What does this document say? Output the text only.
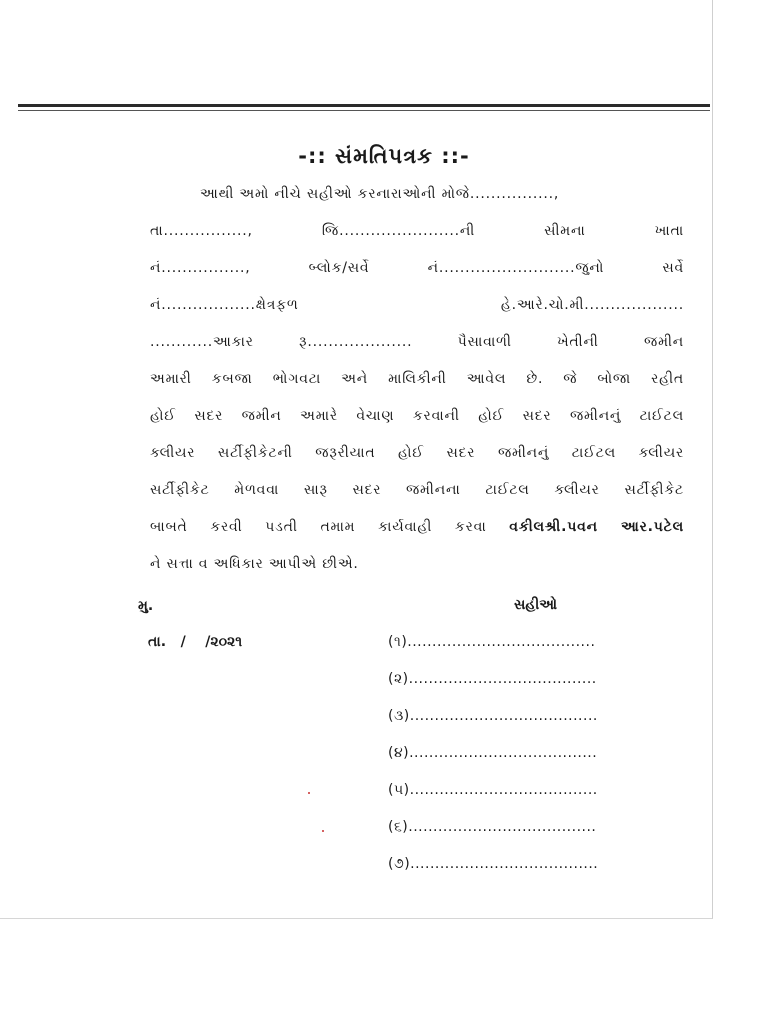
-:: સંમતિપત્રક ::-
આથી અમો નીચે સહીઓ કરનારાઓની મોજે................,
તા................, જિ.......................ની સીમના ખાતા
નં................, બ્લોક/સર્વે નં..........................જુનો સર્વે
નં..................ક્ષેત્રફળ હે.આરે.ચો.મી...................
............આકાર રૂ.................... પૈસાવાળી ખેતીની જમીન
અમારી કબજા ભોગવટા અને માલિકીની આવેલ છે. જે બોજા રહીત
હોઈ સદર જમીન અમારે વેચાણ કરવાની હોઈ સદર જમીનનું ટાઈટલ
ક્લીયર સર્ટીફીકેટની જરૂરીયાત હોઈ સદર જમીનનું ટાઈટલ ક્લીયર
સર્ટીફીકેટ મેળવવા સારૂ સદર જમીનના ટાઈટલ ક્લીયર સર્ટીફીકેટ
બાબતે કરવી પડતી તમામ કાર્યવાહી કરવા વકીલશ્રી.પવન આર.પટેલ
ને સત્તા વ અધિકાર આપીએ છીએ.
મુ.
તા.   /    /૨૦૨૧
સહીઓ
(૧)......................................
(૨)......................................
(૩)......................................
(૪)......................................
(૫)......................................
(૬)......................................
(૭)......................................
